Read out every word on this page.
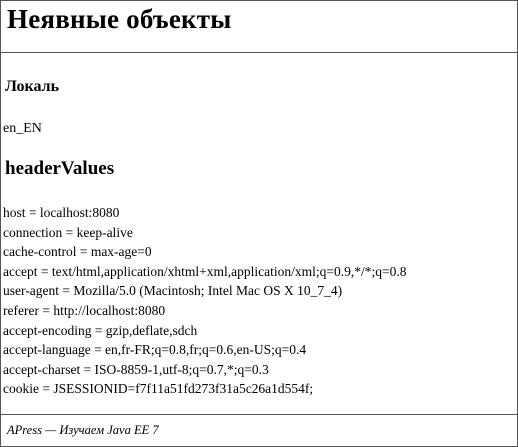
Неявные объекты
Локаль
en_EN
headerValues
host = localhost:8080
connection = keep-alive
cache-control = max-age=0
accept = text/html,application/xhtml+xml,application/xml;q=0.9,*/*;q=0.8
user-agent = Mozilla/5.0 (Macintosh; Intel Mac OS X 10_7_4)
referer = http://localhost:8080
accept-encoding = gzip,deflate,sdch
accept-language = en,fr-FR;q=0.8,fr;q=0.6,en-US;q=0.4
accept-charset = ISO-8859-1,utf-8;q=0.7,*;q=0.3
cookie = JSESSIONID=f7f11a51fd273f31a5c26a1d554f;
APress — Изучаем Java EE 7
